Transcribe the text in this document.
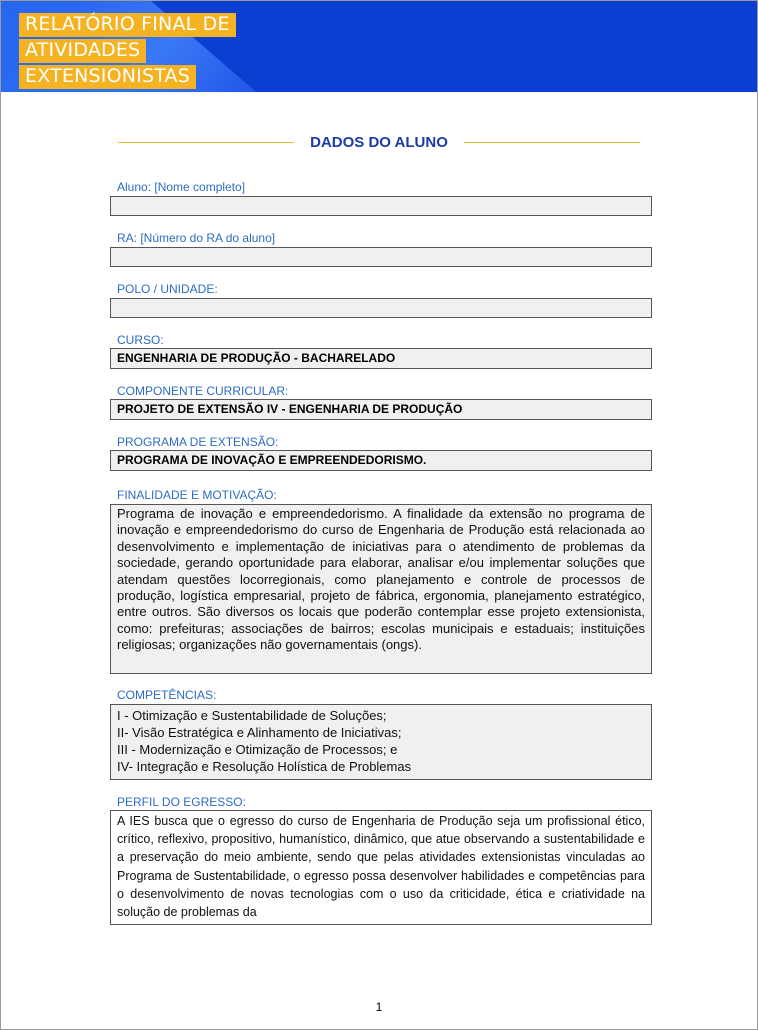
RELATÓRIO FINAL DE
ATIVIDADES
EXTENSIONISTAS
DADOS DO ALUNO
Aluno: [Nome completo]
RA: [Número do RA do aluno]
POLO / UNIDADE:
CURSO:
ENGENHARIA DE PRODUÇÃO - BACHARELADO
COMPONENTE CURRICULAR:
PROJETO DE EXTENSÃO IV - ENGENHARIA DE PRODUÇÃO
PROGRAMA DE EXTENSÃO:
PROGRAMA DE INOVAÇÃO E EMPREENDEDORISMO.
FINALIDADE E MOTIVAÇÃO:
Programa de inovação e empreendedorismo. A finalidade da extensão no programa de inovação e empreendedorismo do curso de Engenharia de Produção está relacionada ao desenvolvimento e implementação de iniciativas para o atendimento de problemas da sociedade, gerando oportunidade para elaborar, analisar e/ou implementar soluções que atendam questões locorregionais, como planejamento e controle de processos de produção, logística empresarial, projeto de fábrica, ergonomia, planejamento estratégico, entre outros. São diversos os locais que poderão contemplar esse projeto extensionista, como: prefeituras; associações de bairros; escolas municipais e estaduais; instituições religiosas; organizações não governamentais (ongs).
COMPETÊNCIAS:
I - Otimização e Sustentabilidade de Soluções;
II- Visão Estratégica e Alinhamento de Iniciativas;
III - Modernização e Otimização de Processos; e
IV- Integração e Resolução Holística de Problemas
PERFIL DO EGRESSO:
A IES busca que o egresso do curso de Engenharia de Produção seja um profissional ético, crítico, reflexivo, propositivo, humanístico, dinâmico, que atue observando a sustentabilidade e a preservação do meio ambiente, sendo que pelas atividades extensionistas vinculadas ao Programa de Sustentabilidade, o egresso possa desenvolver habilidades e competências para o desenvolvimento de novas tecnologias com o uso da criticidade, ética e criatividade na solução de problemas da
1
